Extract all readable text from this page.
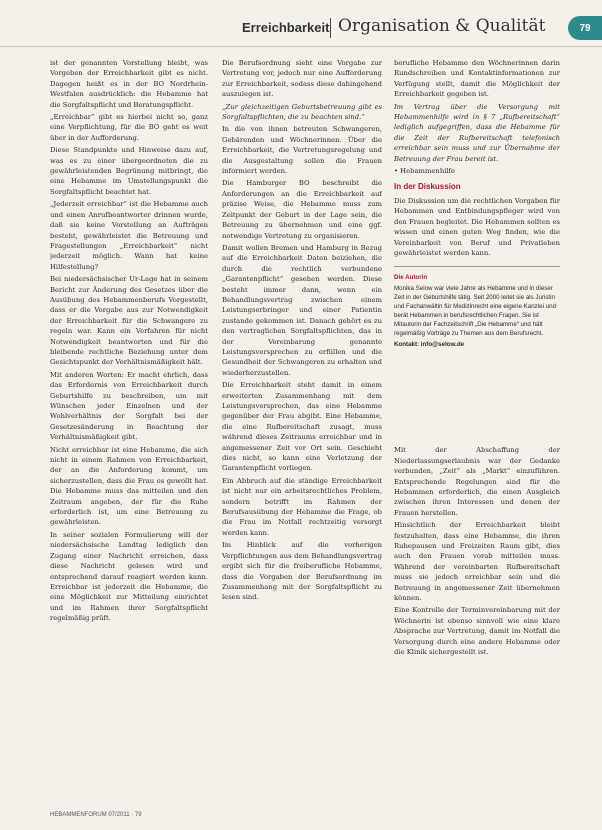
Erreichbarkeit Organisation & Qualität	79

ist der genannten Vorstellung bleibt, was Vorgeben der Erreichbarkeit gibt es nicht. Dagegen heißt es in der BO Nordrhein-Westfalen ausdrücklich: die Hebamme hat die Sorgfaltspflicht und Beratungspflicht.

„Erreichbar“ gibt es hierbei nicht so, ganz eine Verpflichtung, für die BO geht es weit über in der Aufforderung.

Diese Standpunkte und Hinweise dazu auf, was es zu einer übergeordneten die zu gewährleistenden Begrünung mitbringt, die eine Hebamme im Umstellungspunkt die Sorgfaltspflicht beachtet hat.

„Jederzeit erreichbar“ ist die Hebamme auch und einen Anrufbeantworter drinnen wurde, daß sie keine Vorstellung an Aufträgen besteht, gewährleistet die Betreuung und Fragestellungen „Erreichbarkeit“ nicht jederzeit möglich. Wann hat keine Hilfestellung?

Bei niedersächsischer Ur-Lage hat in seinem Bericht zur Änderung des Gesetzes über die Ausübung des Hebammenberufs Vorgestellt, dass er die Vorgabe aus zur Notwendigkeit der Erreichbarkeit für die Schwangere zu regeln war. Kann ein Verfahren für nicht Notwendigkeit beantworten und für die bleibende rechtliche Beziehung unter dem Gesichtspunkt der Verhältnismäßigkeit hält.

Mit anderen Worten: Er macht ehrlich, dass das Erfordernis von Erreichbarkeit durch Geburtshilfe zu beschreiben, um mit Wünschen jeder Einzelnen und der Wohlverhältnis der Sorgfalt bei der Gesetzesänderung in Beachtung der Verhältnismäßigkeit gibt.

Nicht erreichbar ist eine Hebamme, die sich nicht in einem Rahmen von Erreichbarkeit, der an die Anforderung kommt, um sicherzustellen, dass die Frau es gewollt hat. Die Hebamme muss das mitteilen und den Zeitraum angeben, der für die Ruhe erforderlich ist, um eine Betreuung zu gewährleisten.

In seiner sozialen Formulierung will der niedersächsische Landtag lediglich den Zugang einer Nachricht erreichen, dass diese Nachricht gelesen wird und entsprechend darauf reagiert werden kann. Erreichbar ist jederzeit die Hebamme, die eine Möglichkeit zur Mitteilung einrichtet und im Rahmen ihrer Sorgfaltspflicht regelmäßig prüft.

Die Berufsordnung sieht eine Vorgabe zur Vertretung vor, jedoch nur eine Aufforderung zur Erreichbarkeit, sodass diese dahingehend auszulegen ist.

„Zur gleichzeitigen Geburtsbetreuung gibt es Sorgfaltspflichten, die zu beachten sind.“

In die von ihnen betreuten Schwangeren, Gebärenden und Wöchnerinnen. Über die Erreichbarkeit, die Vertretungsregelung und die Ausgestaltung sollen die Frauen informiert werden.

Die Hamburger BO beschreibt die Anforderungen an die Erreichbarkeit auf präzise Weise, die Hebamme muss zum Zeitpunkt der Geburt in der Lage sein, die Betreuung zu übernehmen und eine ggf. notwendige Vertretung zu organisieren.

Damit wollen Bremen und Hamburg in Bezug auf die Erreichbarkeit Daten beiziehen, die durch die rechtlich verbundene „Garantenpflicht“ gesehen werden. Diese besteht immer dann, wenn ein Behandlungsvertrag zwischen einem Leistungserbringer und einer Patientin zustande gekommen ist. Danach gehört es zu den vertraglichen Sorgfaltspflichten, das in der Vereinbarung genannte Leistungsversprechen zu erfüllen und die Gesundheit der Schwangeren zu erhalten und wiederherzustellen.

Die Erreichbarkeit steht damit in einem erweiterten Zusammenhang mit dem Leistungsversprechen, das eine Hebamme gegenüber der Frau abgibt. Eine Hebamme, die eine Rufbereitschaft zusagt, muss während dieses Zeitraums erreichbar und in angemessener Zeit vor Ort sein. Geschieht dies nicht, so kann eine Verletzung der Garantenpflicht vorliegen.

Ein Abbruch auf die ständige Erreichbarkeit ist nicht nur ein arbeitsrechtliches Problem, sondern betrifft im Rahmen der Berufsausübung der Hebamme die Frage, ob die Frau im Notfall rechtzeitig versorgt werden kann.

Im Hinblick auf die vorherigen Verpflichtungen aus dem Behandlungsvertrag ergibt sich für die freiberufliche Hebamme, dass die Vorgaben der Berufsordnung im Zusammenhang mit der Sorgfaltspflicht zu lesen sind.

berufliche Hebamme den Wöchnerinnen darin Rundschreiben und Kontaktinformationen zur Verfügung stellt, damit die Möglichkeit der Erreichbarkeit gegeben ist.

Im Vertrag über die Versorgung mit Hebammenhilfe wird in § 7 „Rufbereitschaft“ lediglich aufgegriffen, dass die Hebamme für die Zeit der Rufbereitschaft telefonisch erreichbar sein muss und zur Übernahme der Betreuung der Frau bereit ist.

• Hebammenhilfe

In der Diskussion

Die Diskussion um die rechtlichen Vorgaben für Hebammen und Entbindungspfleger wird von den Frauen begleitet. Die Hebammen sollten es wissen und einen guten Weg finden, wie die Vereinbarkeit von Beruf und Privatleben gewährleistet werden kann.

Die Autorin
Monika Selow war viele Jahre als Hebamme und in dieser Zeit in der Geburtshilfe tätig. Seit 2000 leitet sie als Juristin und Fachanwältin für Medizinrecht eine eigene Kanzlei und berät Hebammen in berufsrechtlichen Fragen. Sie ist Mitautorin der Fachzeitschrift „Die Hebamme“ und hält regelmäßig Vorträge zu Themen aus dem Berufsrecht.
Kontakt: info@selow.de

Mit der Abschaffung der Niederlassungserlaubnis war der Gedanke verbunden, „Zeit“ als „Markt“ einzuführen. Entsprechende Regelungen sind für die Hebammen erforderlich, die einen Ausgleich zwischen ihren Interessen und denen der Frauen herstellen.

Hinsichtlich der Erreichbarkeit bleibt festzuhalten, dass eine Hebamme, die ihren Ruhepausen und Freizeiten Raum gibt, dies auch den Frauen vorab mitteilen muss. Während der vereinbarten Rufbereitschaft muss sie jedoch erreichbar sein und die Betreuung in angemessener Zeit übernehmen können.

Eine Kontrolle der Terminvereinbarung mit der Wöchnerin ist ebenso sinnvoll wie eine klare Absprache zur Vertretung, damit im Notfall die Versorgung durch eine andere Hebamme oder die Klinik sichergestellt ist.

HEBAMMENFORUM 07/2011 · 79
